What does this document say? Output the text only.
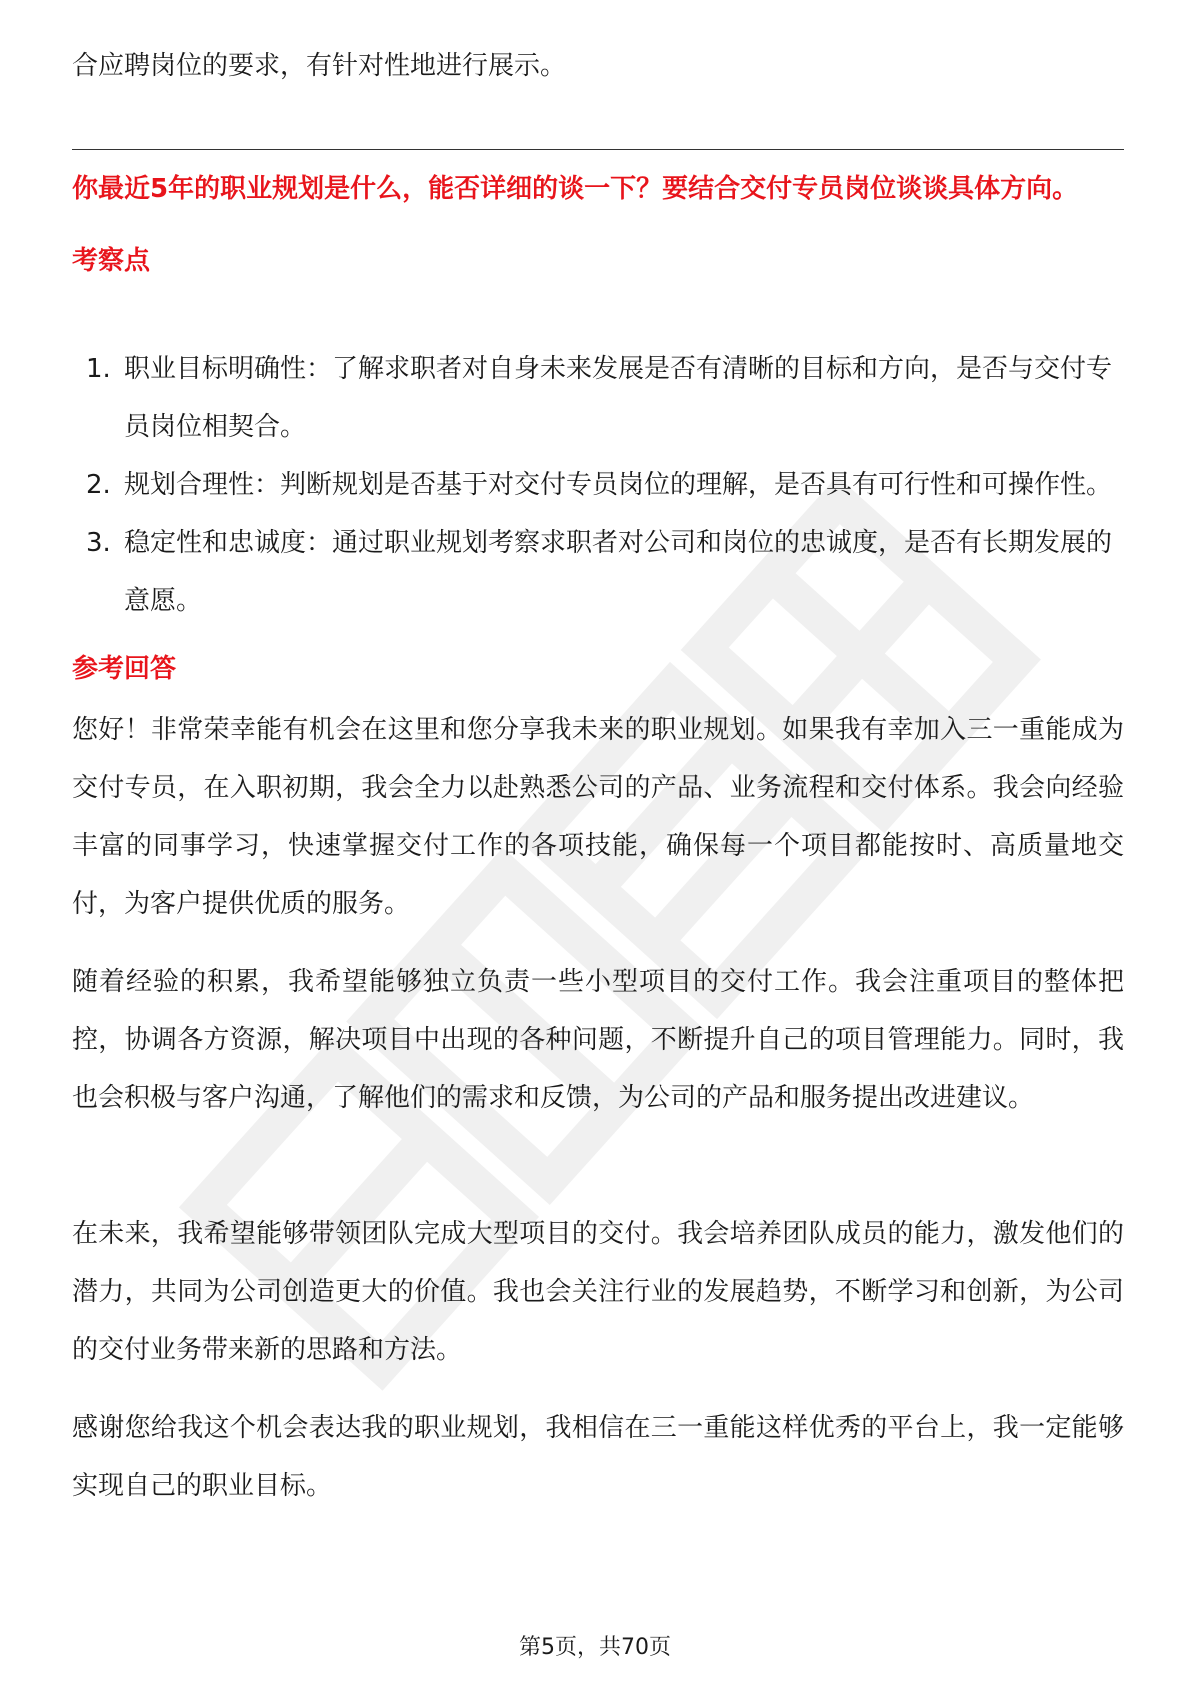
合应聘岗位的要求，有针对性地进行展示。

你最近5年的职业规划是什么，能否详细的谈一下？要结合交付专员岗位谈谈具体方向。

考察点
1. 职业目标明确性：了解求职者对自身未来发展是否有清晰的目标和方向，是否与交付专员岗位相契合。
2. 规划合理性：判断规划是否基于对交付专员岗位的理解，是否具有可行性和可操作性。
3. 稳定性和忠诚度：通过职业规划考察求职者对公司和岗位的忠诚度，是否有长期发展的意愿。
参考回答

您好！非常荣幸能有机会在这里和您分享我未来的职业规划。如果我有幸加入三一重能成为交付专员，在入职初期，我会全力以赴熟悉公司的产品、业务流程和交付体系。我会向经验丰富的同事学习，快速掌握交付工作的各项技能，确保每一个项目都能按时、高质量地交付，为客户提供优质的服务。

随着经验的积累，我希望能够独立负责一些小型项目的交付工作。我会注重项目的整体把控，协调各方资源，解决项目中出现的各种问题，不断提升自己的项目管理能力。同时，我也会积极与客户沟通，了解他们的需求和反馈，为公司的产品和服务提出改进建议。

在未来，我希望能够带领团队完成大型项目的交付。我会培养团队成员的能力，激发他们的潜力，共同为公司创造更大的价值。我也会关注行业的发展趋势，不断学习和创新，为公司的交付业务带来新的思路和方法。

感谢您给我这个机会表达我的职业规划，我相信在三一重能这样优秀的平台上，我一定能够实现自己的职业目标。

第5页，共70页
